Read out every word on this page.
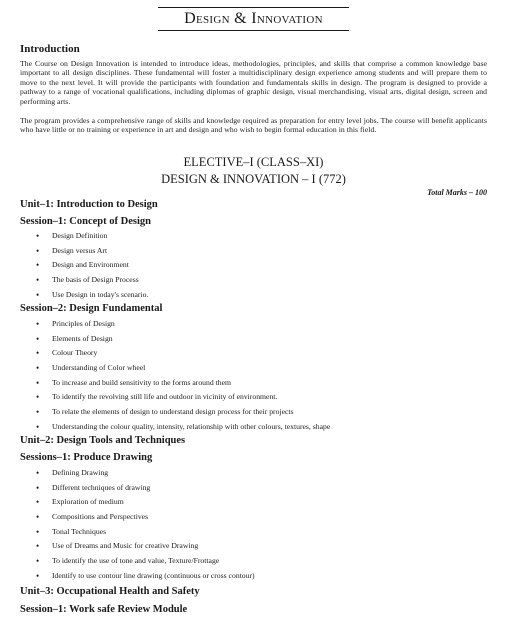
Design & Innovation
Introduction
The Course on Design Innovation is intended to introduce ideas, methodologies, principles, and skills that comprise a common knowledge base important to all design disciplines. These fundamental will foster a multidisciplinary design experience among students and will prepare them to move to the next level. It will provide the participants with foundation and fundamentals skills in design. The program is designed to provide a pathway to a range of vocational qualifications, including diplomas of graphic design, visual merchandising, visual arts, digital design, screen and performing arts.
The program provides a comprehensive range of skills and knowledge required as preparation for entry level jobs. The course will benefit applicants who have little or no training or experience in art and design and who wish to begin formal education in this field.
ELECTIVE–I (CLASS–XI)
DESIGN & INNOVATION – I (772)
Total Marks – 100
Unit–1: Introduction to Design
Session–1: Concept of Design
• Design Definition
• Design versus Art
• Design and Environment
• The basis of Design Process
• Use Design in today's scenario.
Session–2: Design Fundamental
• Principles of Design
• Elements of Design
• Colour Theory
• Understanding of Color wheel
• To increase and build sensitivity to the forms around them
• To identify the revolving still life and outdoor in vicinity of environment.
• To relate the elements of design to understand design process for their projects
• Understanding the colour quality, intensity, relationship with other colours, textures, shape
Unit–2: Design Tools and Techniques
Sessions–1: Produce Drawing
• Defining Drawing
• Different techniques of drawing
• Exploration of medium
• Compositions and Perspectives
• Tonal Techniques
• Use of Dreams and Music for creative Drawing
• To identify the use of tone and value, Texture/Frottage
• Identify to use contour line drawing (continuous or cross contour)
Unit–3: Occupational Health and Safety
Session–1: Work safe Review Module
